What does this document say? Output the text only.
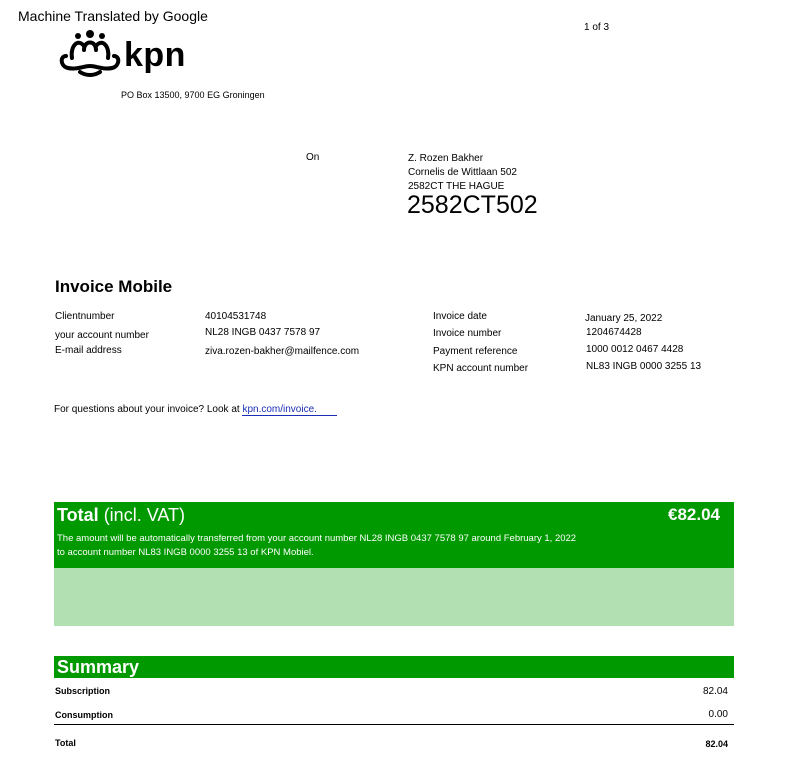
Machine Translated by Google
1 of 3
kpn
PO Box 13500, 9700 EG Groningen
On	Z. Rozen Bakher
Cornelis de Wittlaan 502
2582CT THE HAGUE
2582CT502
Invoice Mobile
Clientnumber	40104531748
your account number	NL28 INGB 0437 7578 97
E-mail address	ziva.rozen-bakher@mailfence.com
Invoice date	January 25, 2022
Invoice number	1204674428
Payment reference	1000 0012 0467 4428
KPN account number	NL83 INGB 0000 3255 13
For questions about your invoice? Look at kpn.com/invoice.
Total (incl. VAT)	€82.04
The amount will be automatically transferred from your account number NL28 INGB 0437 7578 97 around February 1, 2022
to account number NL83 INGB 0000 3255 13 of KPN Mobiel.
Summary
Subscription	82.04
Consumption	0.00
Total	82.04
